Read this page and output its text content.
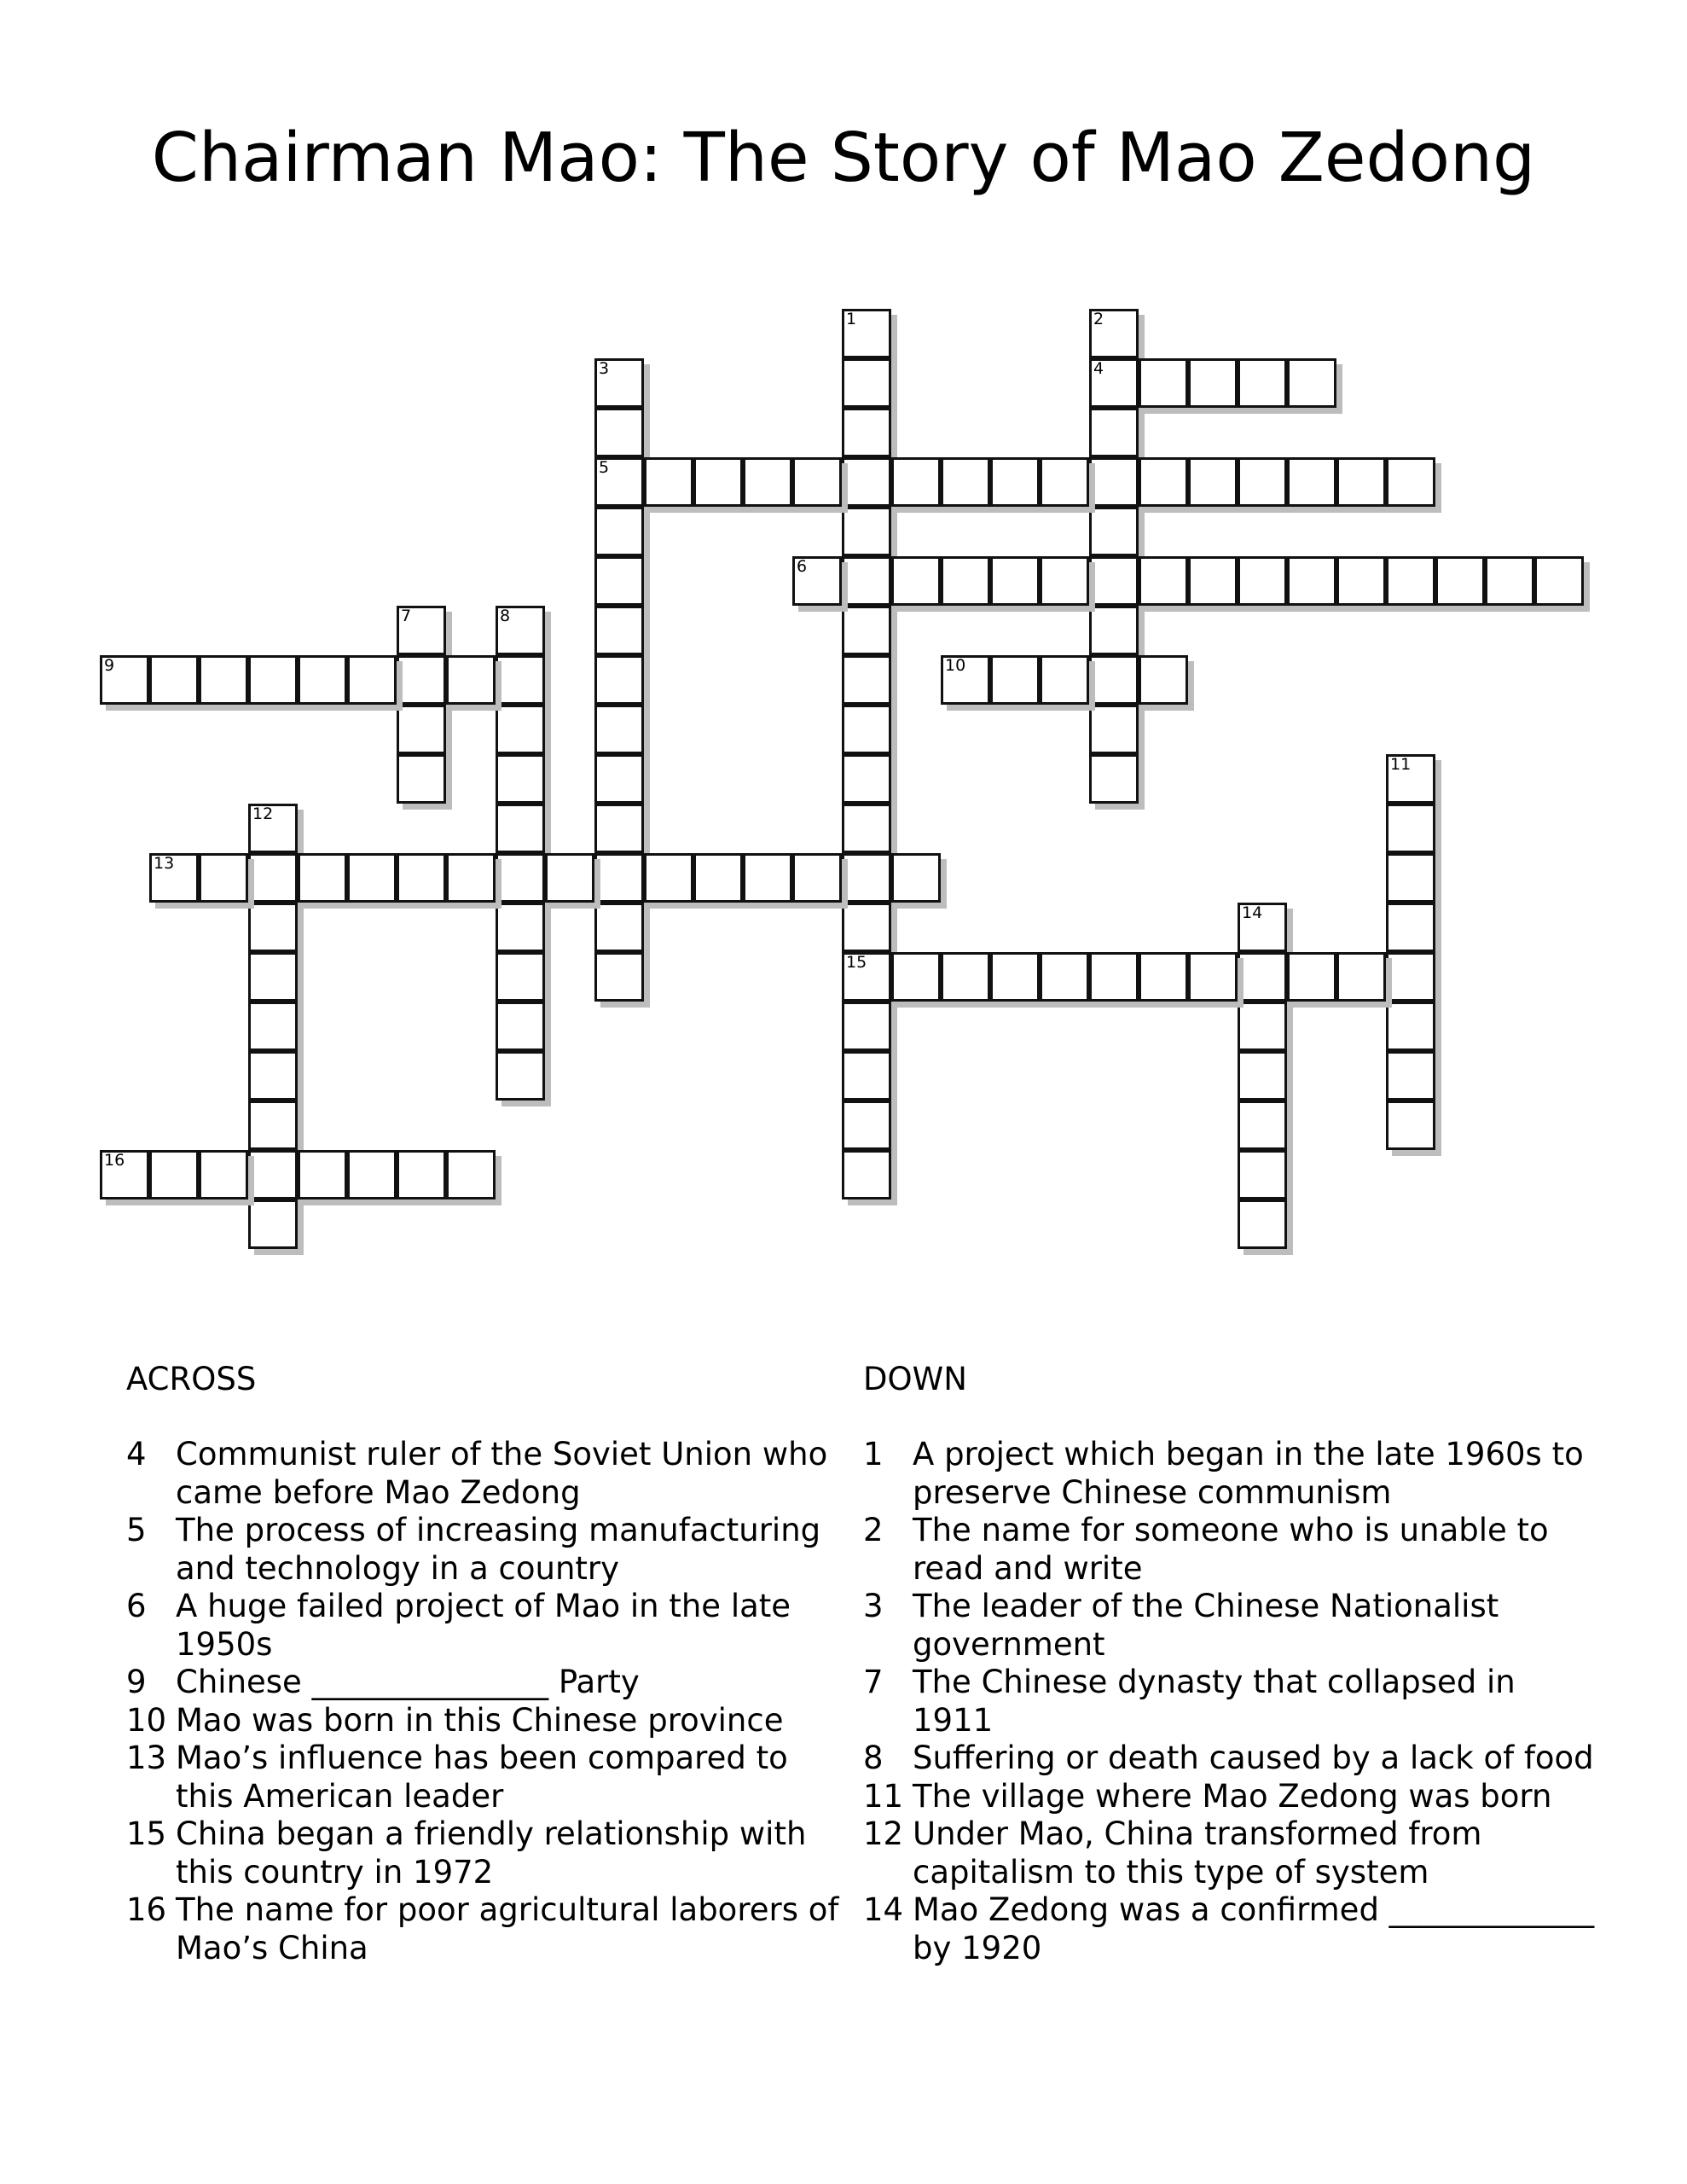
Chairman Mao: The Story of Mao Zedong
1
15
2
4
3
5
6
7	8
9	10
11
12
13
14
16
ACROSS	DOWN
4 Communist ruler of the Soviet Union who came before Mao Zedong
5 The process of increasing manufacturing and technology in a country
6 A huge failed project of Mao in the late 1950s
9 Chinese _______________ Party
10 Mao was born in this Chinese province
13 Mao’s influence has been compared to this American leader
15 China began a friendly relationship with this country in 1972
16 The name for poor agricultural laborers of Mao’s China
1 A project which began in the late 1960s to preserve Chinese communism
2 The name for someone who is unable to read and write
3 The leader of the Chinese Nationalist government
7 The Chinese dynasty that collapsed in 1911
8 Suffering or death caused by a lack of food
11 The village where Mao Zedong was born
12 Under Mao, China transformed from capitalism to this type of system
14 Mao Zedong was a confirmed _____________ by 1920
